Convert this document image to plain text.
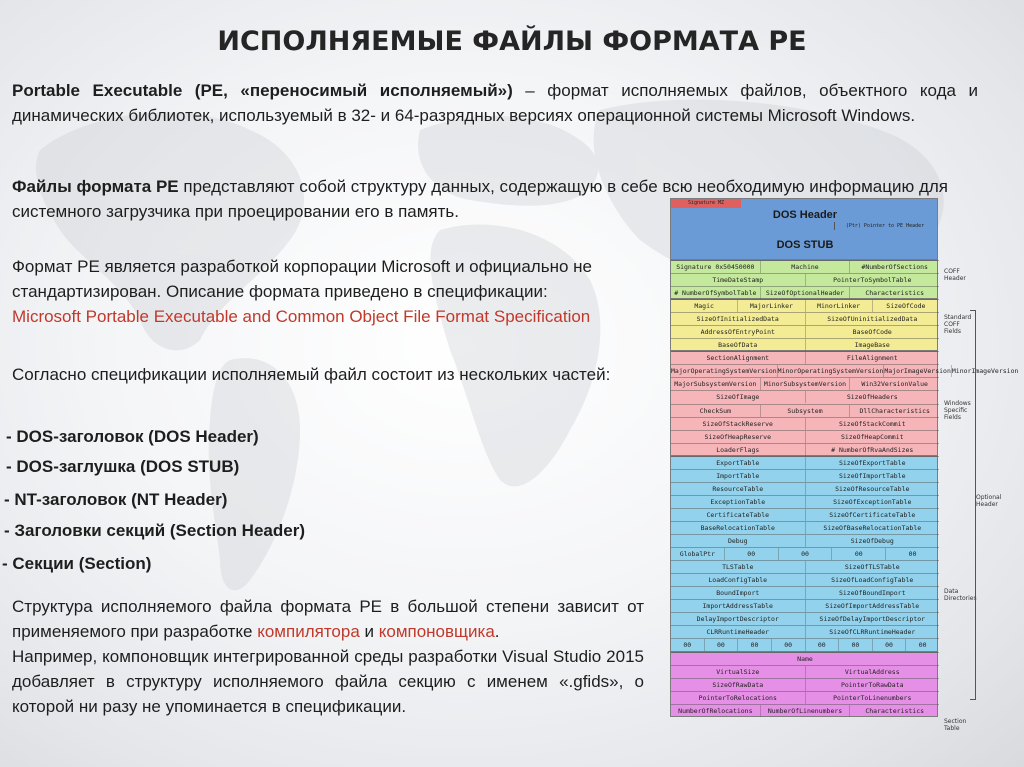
ИСПОЛНЯЕМЫЕ ФАЙЛЫ ФОРМАТА PE
Portable Executable (PE, «переносимый исполняемый») – формат исполняемых файлов, объектного кода и динамических библиотек, используемый в 32- и 64-разрядных версиях операционной системы Microsoft Windows.
Файлы формата PE представляют собой структуру данных, содержащую в себе всю необходимую информацию для системного загрузчика при проецировании его в память.
Формат PE является разработкой корпорации Microsoft и официально не стандартизирован. Описание формата приведено в спецификации:
Microsoft Portable Executable and Common Object File Format Specification
Согласно спецификации исполняемый файл состоит из нескольких частей:
- DOS-заголовок (DOS Header)
- DOS-заглушка (DOS STUB)
- NT-заголовок (NT Header)
- Заголовки секций (Section Header)
- Секции (Section)
Структура исполняемого файла формата PE в большой степени зависит от применяемого при разработке компилятора и компоновщика.
Например, компоновщик интегрированной среды разработки Visual Studio 2015 добавляет в структуру исполняемого файла секцию с именем «.gfids», о которой ни разу не упоминается в спецификации.
Signature MZ
DOS Header
(Ptr) Pointer to PE Header
DOS STUB
Signature 0x50450000	Machine	#NumberOfSections
TimeDateStamp	PointerToSymbolTable
# NumberOfSymbolTable	SizeOfOptionalHeader	Characteristics
Magic	MajorLinker	MinorLinker	SizeOfCode
SizeOfInitializedData	SizeOfUninitializedData
AddressOfEntryPoint	BaseOfCode
BaseOfData	ImageBase
SectionAlignment	FileAlignment
MajorOperatingSystemVersion MinorOperatingSystemVersion MajorImageVersion MinorImageVersion
MajorSubsystemVersion	MinorSubsystemVersion	Win32VersionValue
SizeOfImage	SizeOfHeaders
CheckSum	Subsystem	DllCharacteristics
SizeOfStackReserve	SizeOfStackCommit
SizeOfHeapReserve	SizeOfHeapCommit
LoaderFlags	# NumberOfRvaAndSizes
ExportTable	SizeOfExportTable
ImportTable	SizeOfImportTable
ResourceTable	SizeOfResourceTable
ExceptionTable	SizeOfExceptionTable
CertificateTable	SizeOfCertificateTable
BaseRelocationTable	SizeOfBaseRelocationTable
Debug	SizeOfDebug
GlobalPtr	00	00	00	00
TLSTable	SizeOfTLSTable
LoadConfigTable	SizeOfLoadConfigTable
BoundImport	SizeOfBoundImport
ImportAddressTable	SizeOfImportAddressTable
DelayImportDescriptor	SizeOfDelayImportDescriptor
CLRRuntimeHeader	SizeOfCLRRuntimeHeader
00	00	00	00	00	00	00	00
Name
VirtualSize	VirtualAddress
SizeOfRawData	PointerToRawData
PointerToRelocations	PointerToLinenumbers
NumberOfRelocations	NumberOfLinenumbers	Characteristics
COFF Header
Standard COFF Fields
Windows Specific Fields
Optional Header
Data Directories
Section Table
